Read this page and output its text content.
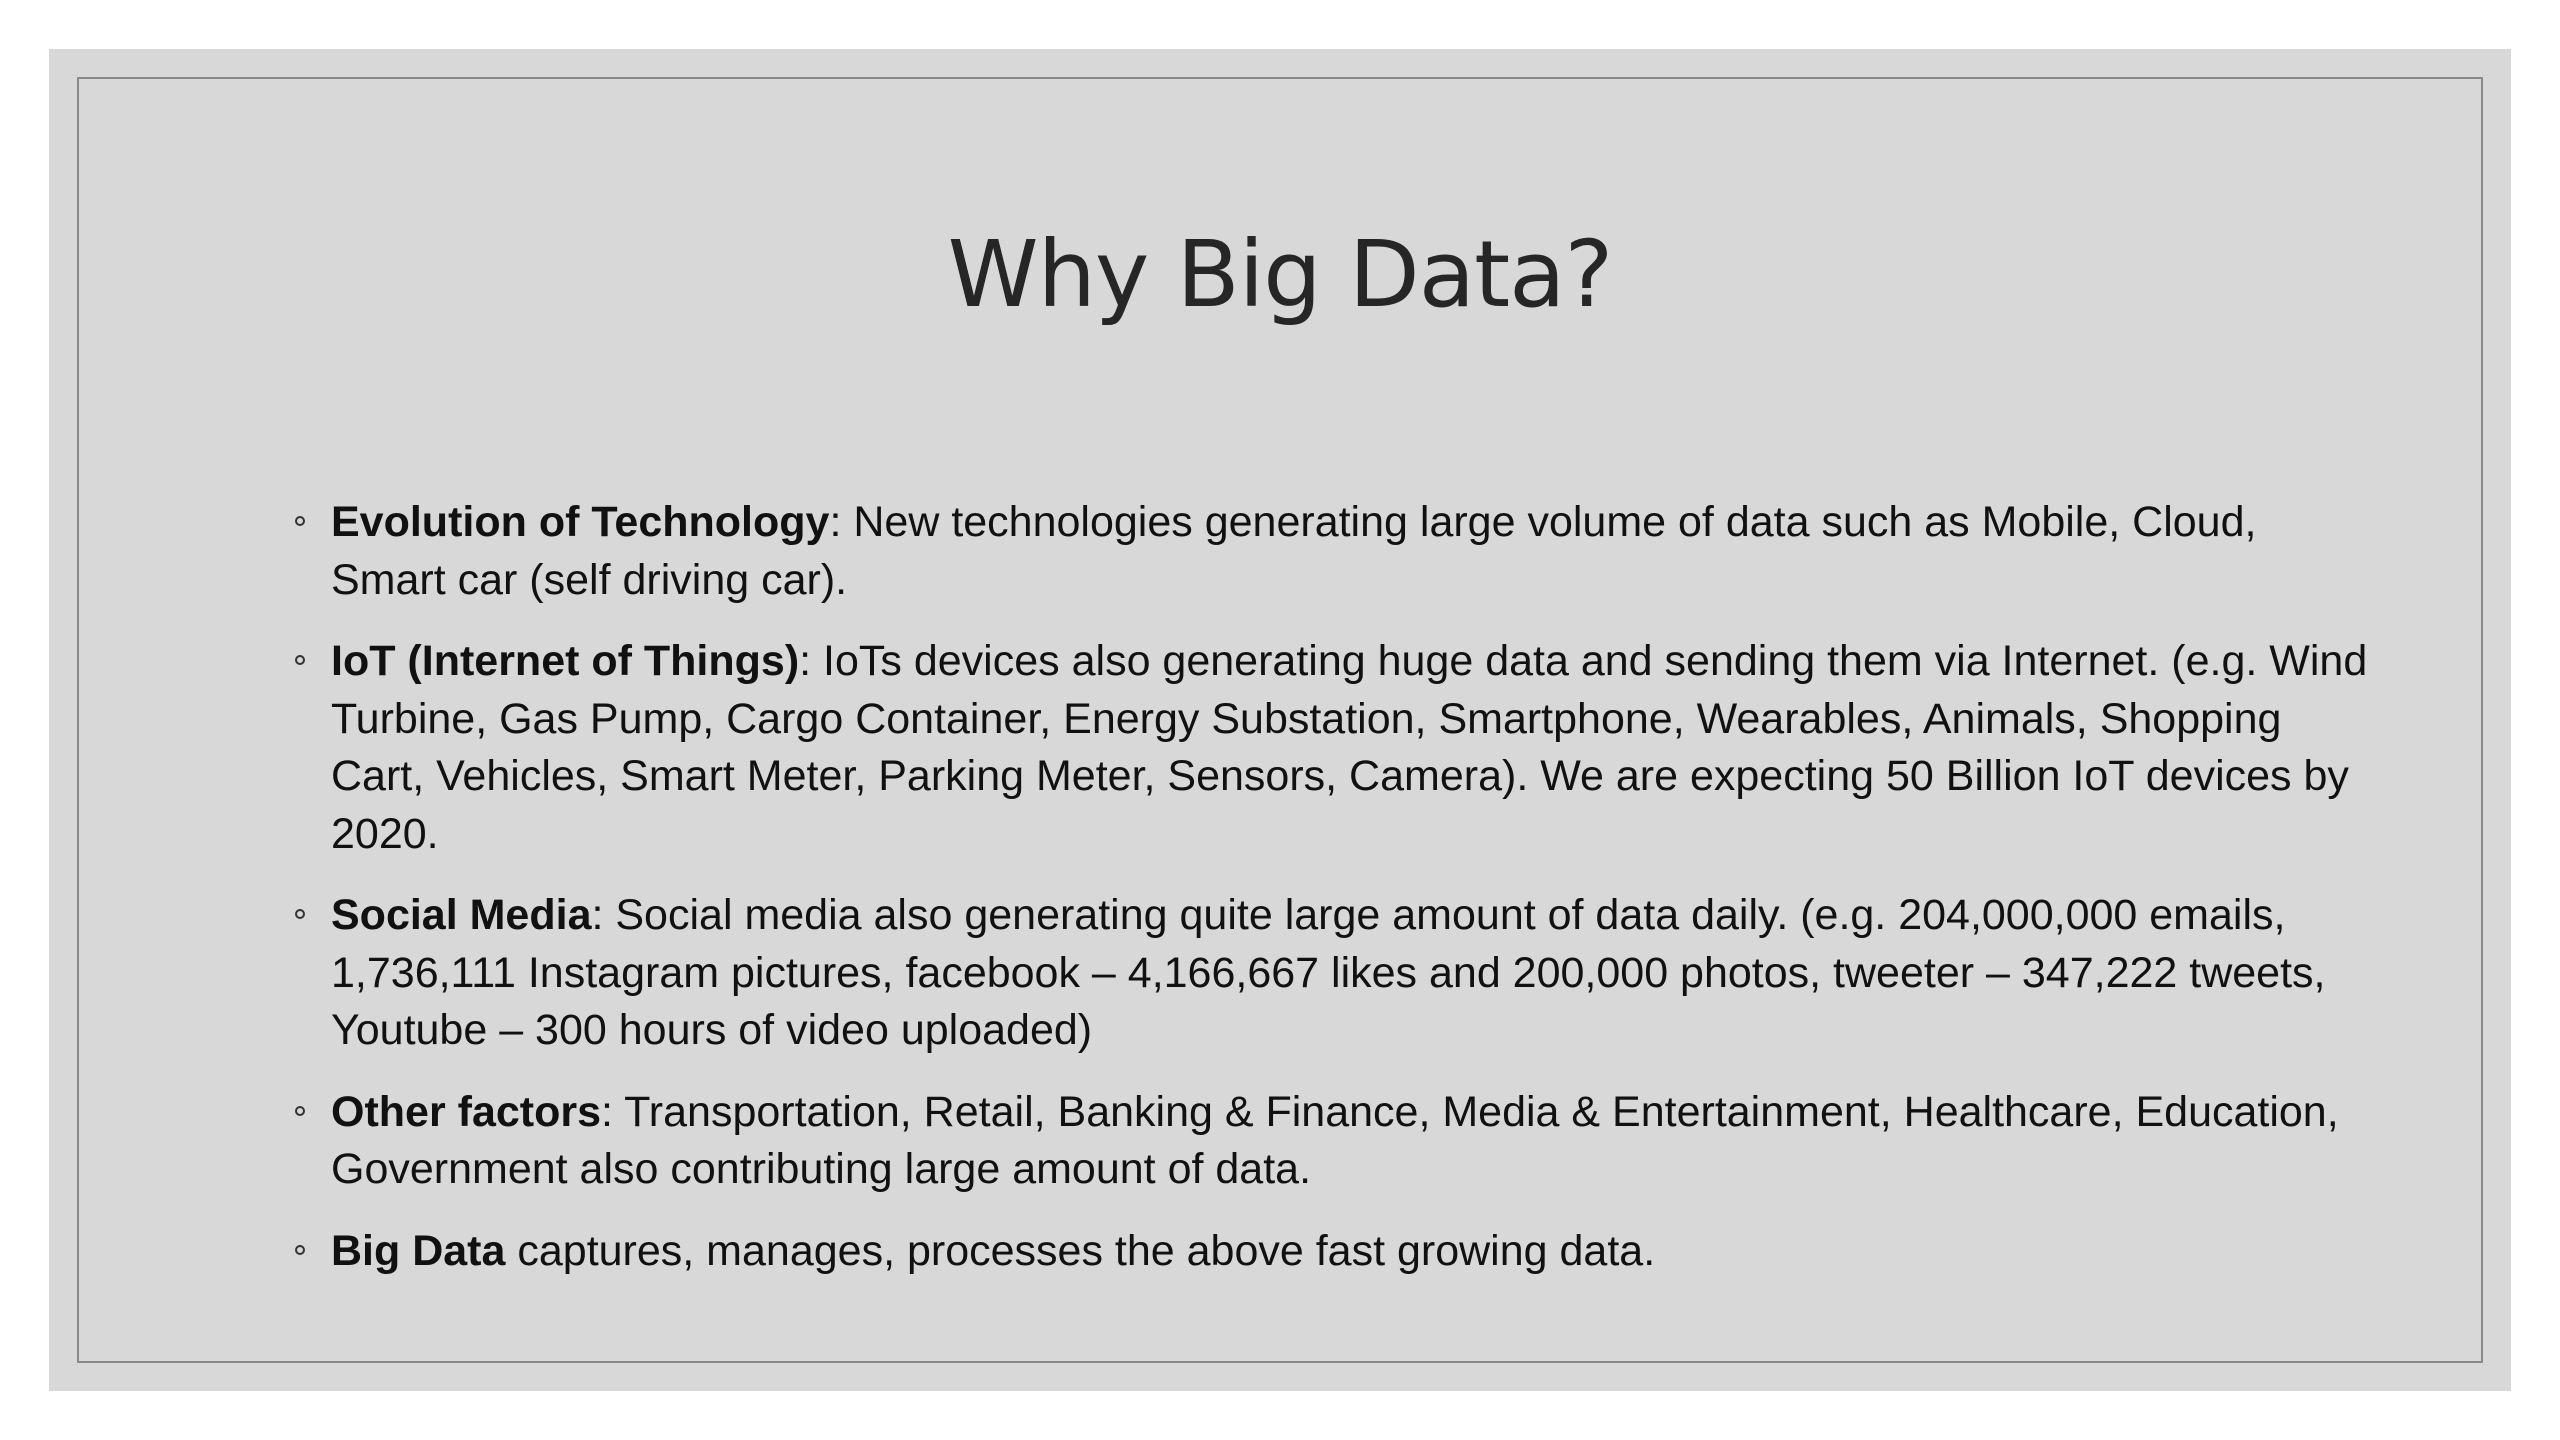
Why Big Data?
Evolution of Technology: New technologies generating large volume of data such as Mobile, Cloud, Smart car (self driving car).
IoT (Internet of Things): IoTs devices also generating huge data and sending them via Internet. (e.g. Wind Turbine, Gas Pump, Cargo Container, Energy Substation, Smartphone, Wearables, Animals, Shopping Cart, Vehicles, Smart Meter, Parking Meter, Sensors, Camera). We are expecting 50 Billion IoT devices by 2020.
Social Media: Social media also generating quite large amount of data daily. (e.g. 204,000,000 emails, 1,736,111 Instagram pictures, facebook – 4,166,667 likes and 200,000 photos, tweeter – 347,222 tweets, Youtube – 300 hours of video uploaded)
Other factors: Transportation, Retail, Banking & Finance, Media & Entertainment, Healthcare, Education, Government also contributing large amount of data.
Big Data captures, manages, processes the above fast growing data.
